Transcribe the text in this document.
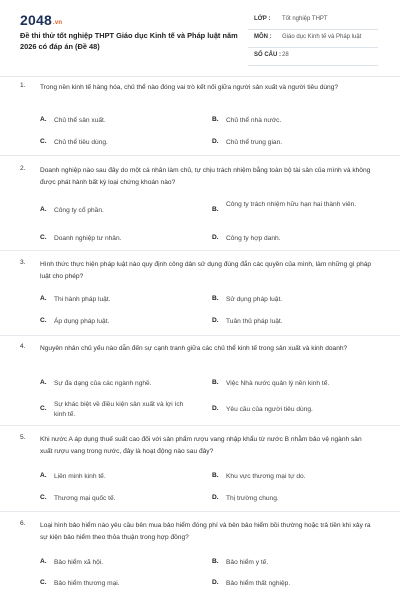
2048.vn
Đề thi thử tốt nghiệp THPT Giáo dục Kinh tế và Pháp luật năm 2026 có đáp án (Đề 48)
LỚP : Tốt nghiệp THPT
MÔN : Giáo dục Kinh tế và Pháp luật
SỐ CÂU : 28
1. Trong nền kinh tế hàng hóa, chủ thể nào đóng vai trò kết nối giữa người sản xuất và người tiêu dùng?
A. Chủ thể sản xuất.	B. Chủ thể nhà nước.
C. Chủ thể tiêu dùng.	D. Chủ thể trung gian.
2. Doanh nghiệp nào sau đây do một cá nhân làm chủ, tự chịu trách nhiệm bằng toàn bộ tài sản của mình và không được phát hành bất kỳ loại chứng khoán nào?
A. Công ty cổ phần.	B.
Công ty trách nhiệm hữu hạn hai thành viên.
C. Doanh nghiệp tư nhân.	D. Công ty hợp danh.
3. Hình thức thực hiện pháp luật nào quy định công dân sử dụng đúng đắn các quyền của mình, làm những gì pháp luật cho phép?
A. Thi hành pháp luật.	B. Sử dụng pháp luật.
C. Áp dụng pháp luật.	D. Tuân thủ pháp luật.
4. Nguyên nhân chủ yếu nào dẫn đến sự cạnh tranh giữa các chủ thể kinh tế trong sản xuất và kinh doanh?
A. Sự đa dạng của các ngành nghề.	B. Việc Nhà nước quản lý nền kinh tế.
C.
Sự khác biệt về điều kiện sản xuất và lợi ích kinh tế.
D. Yêu cầu của người tiêu dùng.
5. Khi nước A áp dụng thuế suất cao đối với sản phẩm rượu vang nhập khẩu từ nước B nhằm bảo vệ ngành sản xuất rượu vang trong nước, đây là hoạt động nào sau đây?
A. Liên minh kinh tế.	B. Khu vực thương mại tự do.
C. Thương mại quốc tế.	D. Thị trường chung.
6. Loại hình bảo hiểm nào yêu cầu bên mua bảo hiểm đóng phí và bên bảo hiểm bồi thường hoặc trả tiền khi xảy ra sự kiện bảo hiểm theo thỏa thuận trong hợp đồng?
A. Bảo hiểm xã hội.	B. Bảo hiểm y tế.
C. Bảo hiểm thương mại.	D. Bảo hiểm thất nghiệp.
